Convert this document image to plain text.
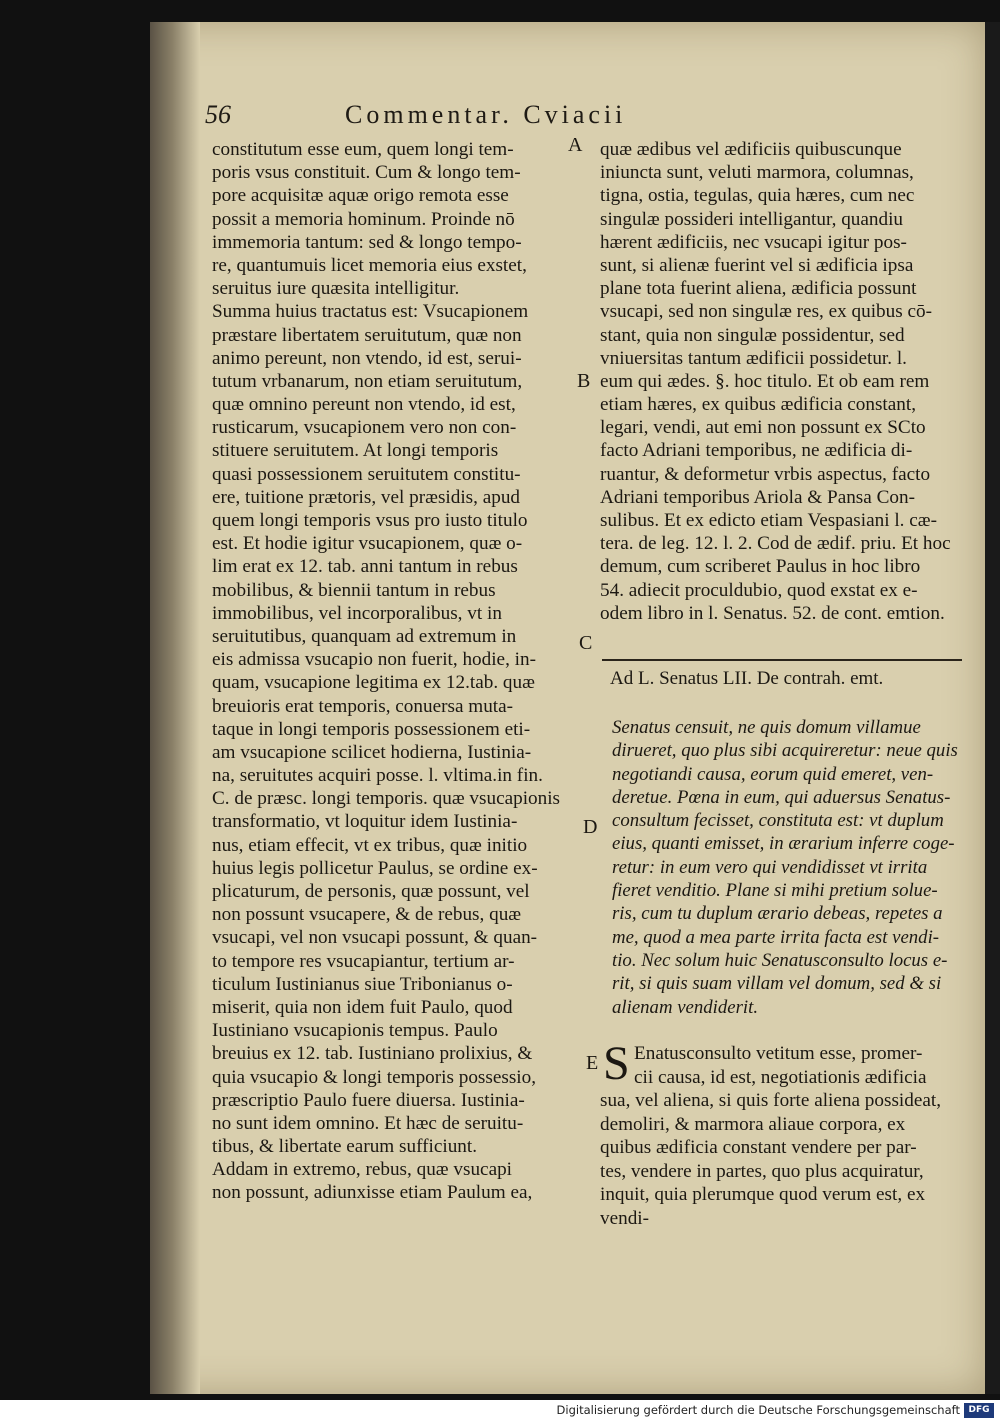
56	Commentar. Cviacii
constitutum esse eum, quem longi tem-
poris vsus constituit. Cum & longo tem-
pore acquisitæ aquæ origo remota esse
possit a memoria hominum. Proinde nō
immemoria tantum: sed & longo tempo-
re, quantumuis licet memoria eius exstet,
seruitus iure quæsita intelligitur.
Summa huius tractatus est: Vsucapionem
præstare libertatem seruitutum, quæ non
animo pereunt, non vtendo, id est, serui-
tutum vrbanarum, non etiam seruitutum,
quæ omnino pereunt non vtendo, id est,
rusticarum, vsucapionem vero non con-
stituere seruitutem. At longi temporis
quasi possessionem seruitutem constitu-
ere, tuitione prætoris, vel præsidis, apud
quem longi temporis vsus pro iusto titulo
est. Et hodie igitur vsucapionem, quæ o-
lim erat ex 12. tab. anni tantum in rebus
mobilibus, & biennii tantum in rebus
immobilibus, vel incorporalibus, vt in
seruitutibus, quanquam ad extremum in
eis admissa vsucapio non fuerit, hodie, in-
quam, vsucapione legitima ex 12.tab. quæ
breuioris erat temporis, conuersa muta-
taque in longi temporis possessionem eti-
am vsucapione scilicet hodierna, Iustinia-
na, seruitutes acquiri posse. l. vltima.in fin.
C. de præsc. longi temporis. quæ vsucapionis
transformatio, vt loquitur idem Iustinia-
nus, etiam effecit, vt ex tribus, quæ initio
huius legis pollicetur Paulus, se ordine ex-
plicaturum, de personis, quæ possunt, vel
non possunt vsucapere, & de rebus, quæ
vsucapi, vel non vsucapi possunt, & quan-
to tempore res vsucapiantur, tertium ar-
ticulum Iustinianus siue Tribonianus o-
miserit, quia non idem fuit Paulo, quod
Iustiniano vsucapionis tempus. Paulo
breuius ex 12. tab. Iustiniano prolixius, &
quia vsucapio & longi temporis possessio,
præscriptio Paulo fuere diuersa. Iustinia-
no sunt idem omnino. Et hæc de seruitu-
tibus, & libertate earum sufficiunt.
Addam in extremo, rebus, quæ vsucapi
non possunt, adiunxisse etiam Paulum ea,
quæ ædibus vel ædificiis quibuscunque
iniuncta sunt, veluti marmora, columnas,
tigna, ostia, tegulas, quia hæres, cum nec
singulæ possideri intelligantur, quandiu
hærent ædificiis, nec vsucapi igitur pos-
sunt, si alienæ fuerint vel si ædificia ipsa
plane tota fuerint aliena, ædificia possunt
vsucapi, sed non singulæ res, ex quibus cō-
stant, quia non singulæ possidentur, sed
vniuersitas tantum ædificii possidetur. l.
eum qui ædes. §. hoc titulo. Et ob eam rem
etiam hæres, ex quibus ædificia constant,
legari, vendi, aut emi non possunt ex SCto
facto Adriani temporibus, ne ædificia di-
ruantur, & deformetur vrbis aspectus, facto
Adriani temporibus Ariola & Pansa Con-
sulibus. Et ex edicto etiam Vespasiani l. cæ-
tera. de leg. 12. l. 2. Cod de ædif. priu. Et hoc
demum, cum scriberet Paulus in hoc libro
54. adiecit proculdubio, quod exstat ex e-
odem libro in l. Senatus. 52. de cont. emtion.
A
B
C
D
E
Ad L. Senatus LII. De contrah. emt.
Senatus censuit, ne quis domum villamue
dirueret, quo plus sibi acquireretur: neue quis
negotiandi causa, eorum quid emeret, ven-
deretue. Pœna in eum, qui aduersus Senatus-
consultum fecisset, constituta est: vt duplum
eius, quanti emisset, in ærarium inferre coge-
retur: in eum vero qui vendidisset vt irrita
fieret venditio. Plane si mihi pretium solue-
ris, cum tu duplum ærario debeas, repetes a
me, quod a mea parte irrita facta est vendi-
tio. Nec solum huic Senatusconsulto locus e-
rit, si quis suam villam vel domum, sed & si
alienam vendiderit.
S Enatusconsulto vetitum esse, promer-
cii causa, id est, negotiationis ædificia
sua, vel aliena, si quis forte aliena possideat,
demoliri, & marmora aliaue corpora, ex
quibus ædificia constant vendere per par-
tes, vendere in partes, quo plus acquiratur,
inquit, quia plerumque quod verum est, ex
vendi-
Digitalisierung gefördert durch die Deutsche Forschungsgemeinschaft DFG
